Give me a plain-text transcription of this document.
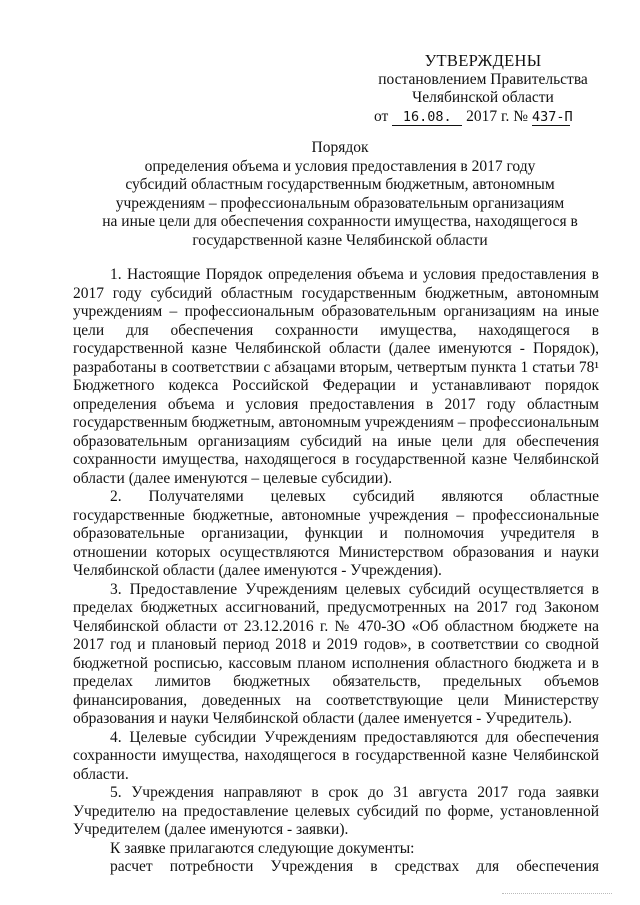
УТВЕРЖДЕНЫ
постановлением Правительства
Челябинской области
от 16.08. 2017 г. № 437-П
Порядок
определения объема и условия предоставления в 2017 году
субсидий областным государственным бюджетным, автономным
учреждениям – профессиональным образовательным организациям
на иные цели для обеспечения сохранности имущества, находящегося в
государственной казне Челябинской области

1. Настоящие Порядок определения объема и условия предоставления в 2017 году субсидий областным государственным бюджетным, автономным учреждениям – профессиональным образовательным организациям на иные цели для обеспечения сохранности имущества, находящегося в государственной казне Челябинской области (далее именуются - Порядок), разработаны в соответствии с абзацами вторым, четвертым пункта 1 статьи 78¹ Бюджетного кодекса Российской Федерации и устанавливают порядок определения объема и условия предоставления в 2017 году областным государственным бюджетным, автономным учреждениям – профессиональным образовательным организациям субсидий на иные цели для обеспечения сохранности имущества, находящегося в государственной казне Челябинской области (далее именуются – целевые субсидии).

2. Получателями целевых субсидий являются областные государственные бюджетные, автономные учреждения – профессиональные образовательные организации, функции и полномочия учредителя в отношении которых осуществляются Министерством образования и науки Челябинской области (далее именуются - Учреждения).

3. Предоставление Учреждениям целевых субсидий осуществляется в пределах бюджетных ассигнований, предусмотренных на 2017 год Законом Челябинской области от 23.12.2016 г. № 470-ЗО «Об областном бюджете на 2017 год и плановый период 2018 и 2019 годов», в соответствии со сводной бюджетной росписью, кассовым планом исполнения областного бюджета и в пределах лимитов бюджетных обязательств, предельных объемов финансирования, доведенных на соответствующие цели Министерству образования и науки Челябинской области (далее именуется - Учредитель).

4. Целевые субсидии Учреждениям предоставляются для обеспечения сохранности имущества, находящегося в государственной казне Челябинской области.

5. Учреждения направляют в срок до 31 августа 2017 года заявки Учредителю на предоставление целевых субсидий по форме, установленной Учредителем (далее именуются - заявки).

К заявке прилагаются следующие документы:

расчет потребности Учреждения в средствах для обеспечения
